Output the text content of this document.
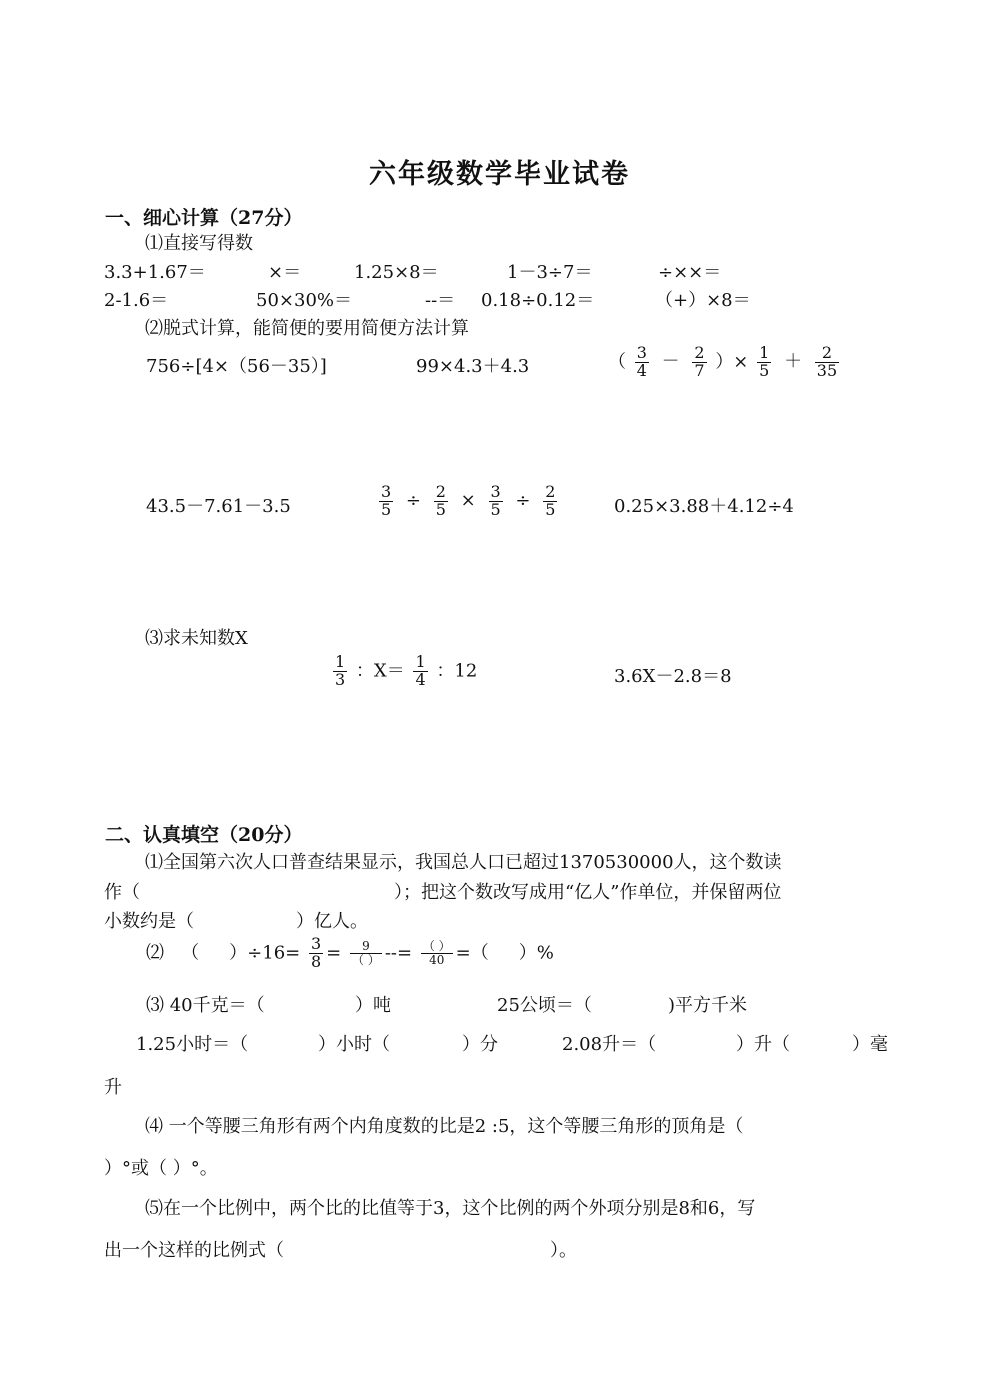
六年级数学毕业试卷
一、细心计算（27分）
⑴直接写得数
3.3+1.67＝	×＝	1.25×8＝	1－3÷7＝	÷××＝
2-1.6＝	50×30%＝	--＝ 0.18÷0.12＝	（+）×8＝
⑵脱式计算，能简便的要用简便方法计算
756÷[4×（56－35）]	99×4.3＋4.3	（ $\frac{3}{4} - \frac{2}{7}$ ）× $\frac{1}{5} + \frac{2}{35}$
43.5－7.61－3.5	$\frac{3}{5} \div \frac{2}{5} \times \frac{3}{5} \div \frac{2}{5}$	0.25×3.88＋4.12÷4
⑶求未知数X
$\frac{1}{3}$ ：$X= \frac{1}{4}$ ：12	3.6X－2.8＝8
二、认真填空（20分）
⑴全国第六次人口普查结果显示，我国总人口已超过1370530000人，这个数读
作（	）；把这个数改写成用“亿人”作单位，并保留两位
小数约是（	）亿人。
⑵ （ ）$\div 16= \frac{3}{8} = \frac{9}{( )}$ --= $\frac{( )}{40}$ =（ ）%
⑶ 40千克＝（	）吨	25公顷＝（	)平方千米
1.25小时＝（	）小时（	）分	2.08升＝（	）升（	）毫
升
⑷ 一个等腰三角形有两个内角度数的比是2 :5，这个等腰三角形的顶角是（
）°或（ ）°。
⑸在一个比例中，两个比的比值等于3，这个比例的两个外项分别是8和6，写
出一个这样的比例式（	）。
